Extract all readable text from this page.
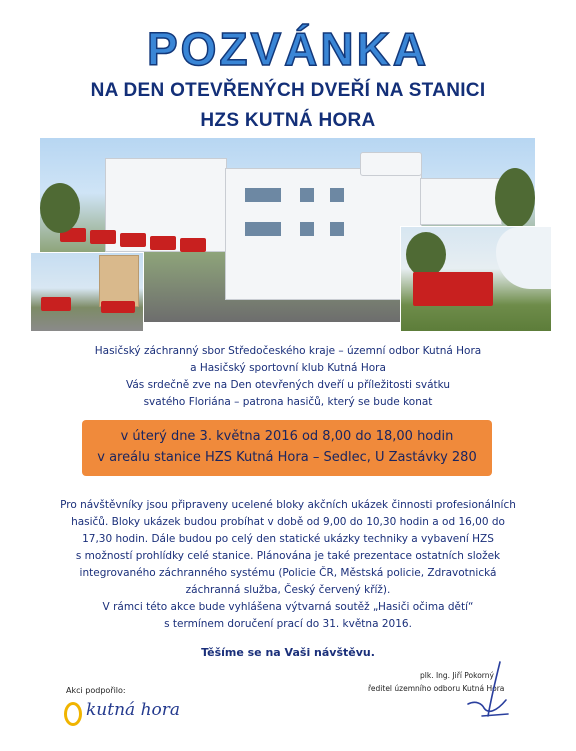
POZVÁNKA
NA DEN OTEVŘENÝCH DVEŘÍ NA STANICI
HZS KUTNÁ HORA
Hasičský záchranný sbor Středočeského kraje – územní odbor Kutná Hora
a Hasičský sportovní klub Kutná Hora
Vás srdečně zve na Den otevřených dveří u příležitosti svátku
svatého Floriána – patrona hasičů, který se bude konat
v úterý dne 3. května 2016 od 8,00 do 18,00 hodin
v areálu stanice HZS Kutná Hora – Sedlec, U Zastávky 280
Pro návštěvníky jsou připraveny ucelené bloky akčních ukázek činnosti profesionálních
hasičů. Bloky ukázek budou probíhat v době od 9,00 do 10,30 hodin a od 16,00 do
17,30 hodin. Dále budou po celý den statické ukázky techniky a vybavení HZS
s možností prohlídky celé stanice. Plánována je také prezentace ostatních složek
integrovaného záchranného systému (Policie ČR, Městská policie, Zdravotnická
záchranná služba, Český červený kříž).
V rámci této akce bude vyhlášena výtvarná soutěž „Hasiči očima dětí“
s termínem doručení prací do 31. května 2016.
Těšíme se na Vaši návštěvu.
Akci podpořilo:
kutná hora
plk. Ing. Jiří Pokorný
ředitel územního odboru Kutná Hora
